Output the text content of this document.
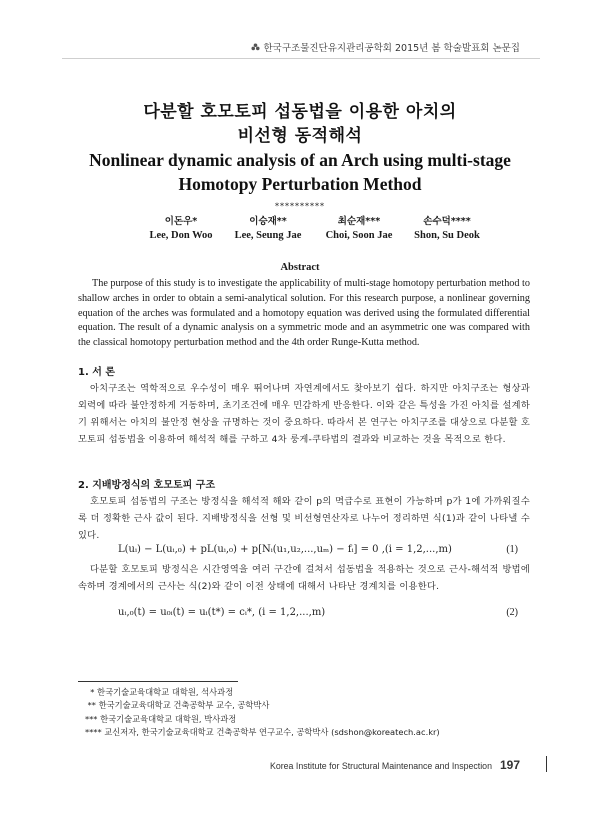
한국구조물진단유지관리공학회 2015년 봄 학술발표회 논문집
다분할 호모토피 섭동법을 이용한 아치의
비선형 동적해석
Nonlinear dynamic analysis of an Arch using multi-stage
Homotopy Perturbation Method
**********
이돈우*
Lee, Don Woo
이승재**
Lee, Seung Jae
최순재***
Choi, Soon Jae
손수덕****
Shon, Su Deok
Abstract
The purpose of this study is to investigate the applicability of multi-stage homotopy perturbation method to shallow arches in order to obtain a semi-analytical solution. For this research purpose, a nonlinear governing equation of the arches was formulated and a homotopy equation was derived using the formulated differential equation. The result of a dynamic analysis on a symmetric mode and an asymmetric one was compared with the classical homotopy perturbation method and the 4th order Runge-Kutta method.
1. 서 론
아치구조는 역학적으로 우수성이 매우 뛰어나며 자연계에서도 찾아보기 쉽다. 하지만 아치구조는 형상과 외력에 따라 불안정하게 거동하며, 초기조건에 매우 민감하게 반응한다. 이와 같은 특성을 가진 아치를 설계하기 위해서는 아치의 불안정 현상을 규명하는 것이 중요하다. 따라서 본 연구는 아치구조를 대상으로 다분할 호모토피 섭동법을 이용하여 해석적 해를 구하고 4차 룽게-쿠타법의 결과와 비교하는 것을 목적으로 한다.
2. 지배방정식의 호모토피 구조
호모토피 섭동법의 구조는 방정식을 해석적 해와 같이 p의 멱급수로 표현이 가능하며 p가 1에 가까워질수록 더 정확한 근사 값이 된다. 지배방정식을 선형 및 비선형연산자로 나누어 정리하면 식(1)과 같이 나타낼 수 있다.
L(uᵢ) − L(uᵢ,₀) + pL(uᵢ,₀) + p[Nᵢ(u₁,u₂,...,uₘ) − fᵢ] = 0 ,(i = 1,2,...,m)	(1)
다분할 호모토피 방정식은 시간영역을 여러 구간에 걸쳐서 섭동법을 적용하는 것으로 근사-해석적 방법에 속하며 경계에서의 근사는 식(2)와 같이 이전 상태에 대해서 나타난 경계치를 이용한다.
uᵢ,₀(t) = u₀ᵢ(t) = uᵢ(t*) = cᵢ*, (i = 1,2,...,m)	(2)
* 한국기술교육대학교 대학원, 석사과정
** 한국기술교육대학교 건축공학부 교수, 공학박사
*** 한국기술교육대학교 대학원, 박사과정
**** 교신저자, 한국기술교육대학교 건축공학부 연구교수, 공학박사 (sdshon@koreatech.ac.kr)
Korea Institute for Structural Maintenance and Inspection 197
